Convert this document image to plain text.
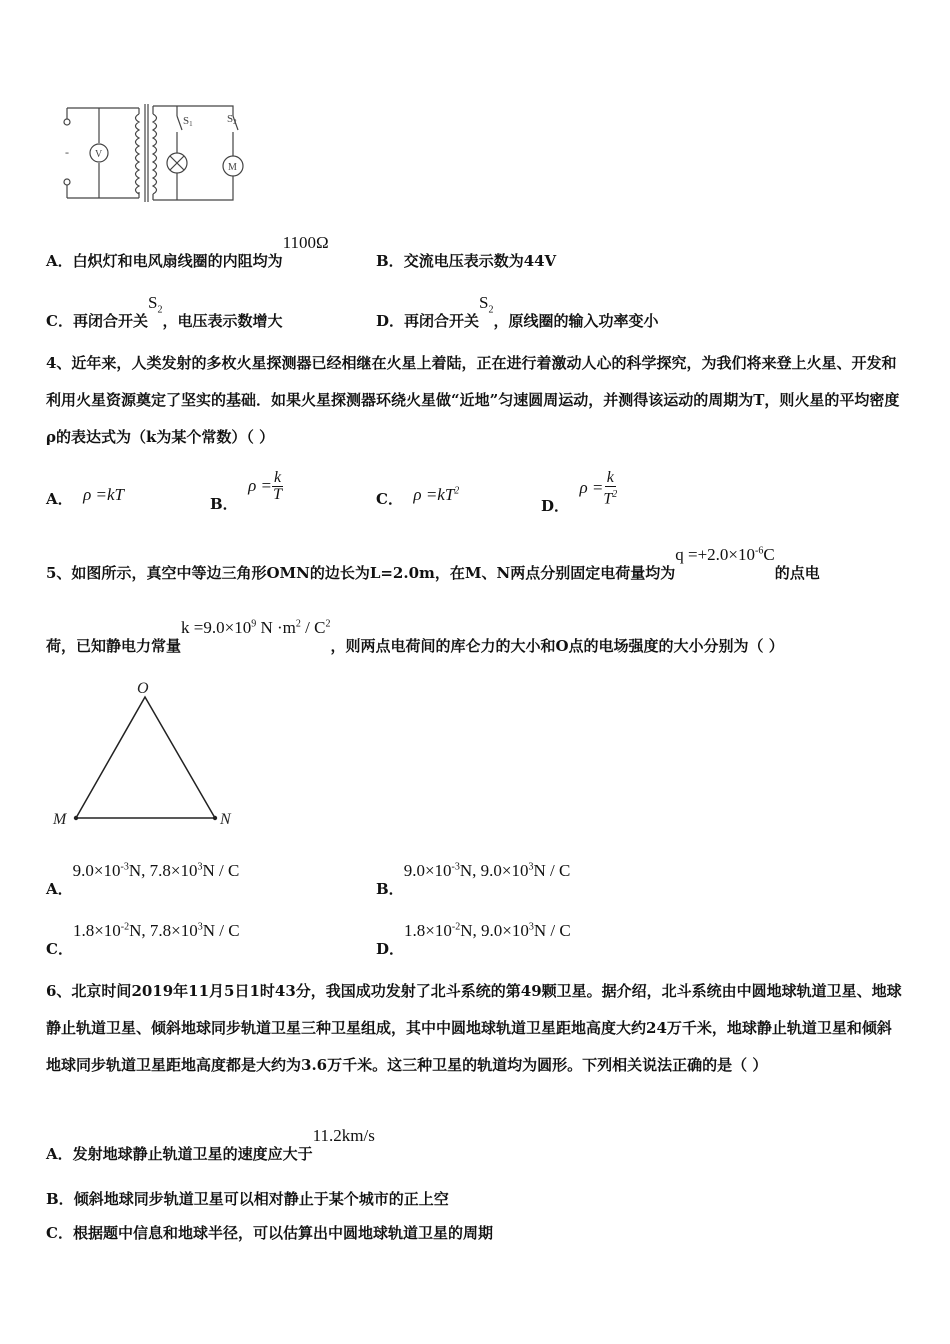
-	V
M
S1	S2
A．白炽灯和电风扇线圈的内阻均为1100Ω
B．交流电压表示数为44V
C．再闭合开关$S_2$，电压表示数增大	D．再闭合开关$S_2$，原线圈的输入功率变小
4、近年来，人类发射的多枚火星探测器已经相继在火星上着陆，正在进行着激动人心的科学探究，为我们将来登上火星、开发和利用火星资源奠定了坚实的基础．如果火星探测器环绕火星做“近地”匀速圆周运动，并测得该运动的周期为T，则火星的平均密度ρ的表达式为（k为某个常数）（ ）
A． ρ =kT	B．  $\rho = \frac{k}{T}$	C． $\rho =kT^2$
D．  $\rho = \frac{k}{T^2}$
5、如图所示，真空中等边三角形OMN的边长为L=2.0m，在M、N两点分别固定电荷量均为$q =+2.0\times 10^{-6}C$的点电
荷，已知静电力常量$k =9.0\times 10^9$ $N \cdot m^2 / C^2$，则两点电荷间的库仑力的大小和O点的电场强度的大小分别为（ ）
O
M	N
A．$9.0\times 10^{-3}N$, $7.8\times 10^3N / C$
B．$9.0\times 10^{-3}N$, $9.0\times 10^3N / C$
C．$1.8\times 10^{-2}N$, $7.8\times 10^3N / C$
D．$1.8\times 10^{-2}N$, $9.0\times 10^3N / C$
6、北京时间2019年11月5日1时43分，我国成功发射了北斗系统的第49颗卫星。据介绍，北斗系统由中圆地球轨道卫星、地球静止轨道卫星、倾斜地球同步轨道卫星三种卫星组成，其中中圆地球轨道卫星距地高度大约24万千米，地球静止轨道卫星和倾斜地球同步轨道卫星距地高度都是大约为3.6万千米。这三种卫星的轨道均为圆形。下列相关说法正确的是（ ）
A．发射地球静止轨道卫星的速度应大于11.2km/s
B．倾斜地球同步轨道卫星可以相对静止于某个城市的正上空
C．根据题中信息和地球半径，可以估算出中圆地球轨道卫星的周期
